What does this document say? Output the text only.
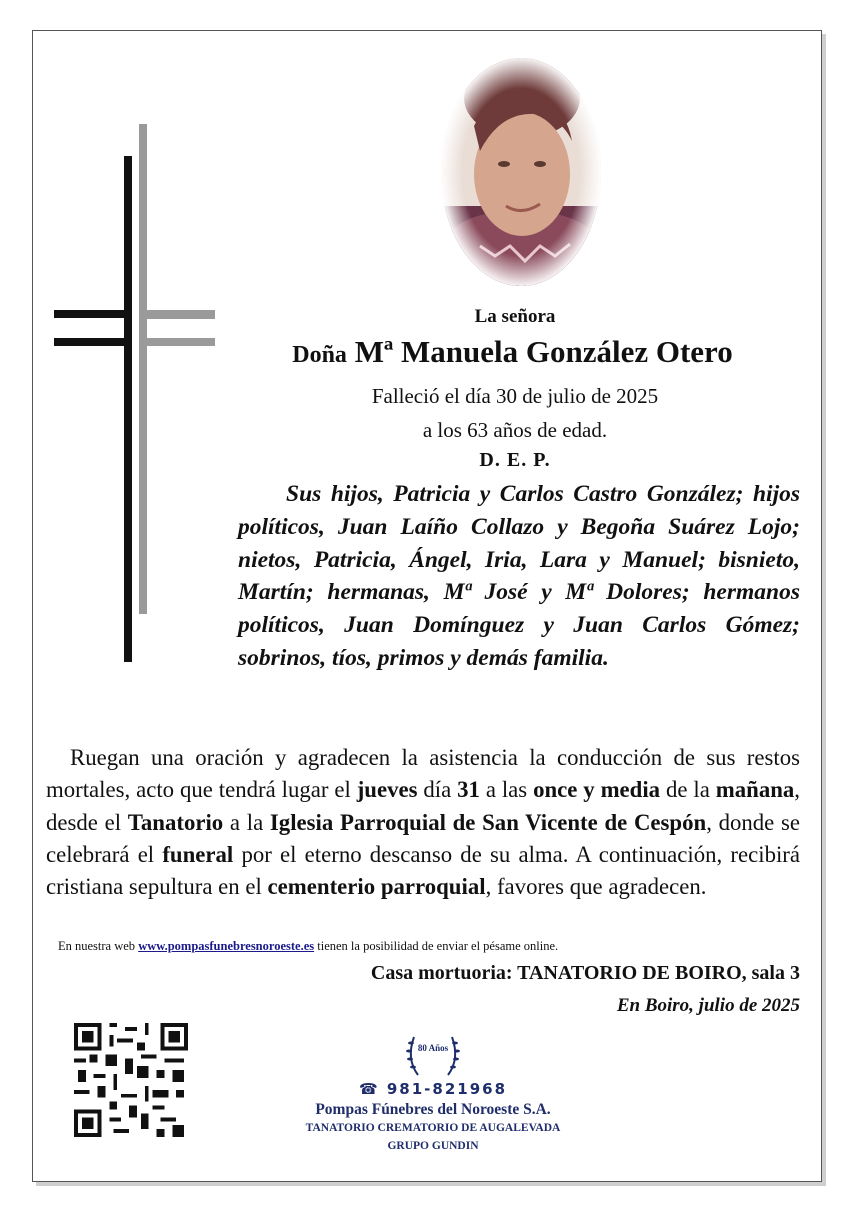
La señora

Doña Mª Manuela González Otero

Falleció el día 30 de julio de 2025

a los 63 años de edad.

D. E. P.

Sus hijos, Patricia y Carlos Castro González; hijos políticos, Juan Laíño Collazo y Begoña Suárez Lojo; nietos, Patricia, Ángel, Iria, Lara y Manuel; bisnieto, Martín; hermanas, Mª José y Mª Dolores; hermanos políticos, Juan Domínguez y Juan Carlos Gómez; sobrinos, tíos, primos y demás familia.

Ruegan una oración y agradecen la asistencia la conducción de sus restos mortales, acto que tendrá lugar el jueves día 31 a las once y media de la mañana, desde el Tanatorio a la Iglesia Parroquial de San Vicente de Cespón, donde se celebrará el funeral por el eterno descanso de su alma. A continuación, recibirá cristiana sepultura en el cementerio parroquial, favores que agradecen.

En nuestra web www.pompasfunebresnoroeste.es tienen la posibilidad de enviar el pésame online.

Casa mortuoria: TANATORIO DE BOIRO, sala 3

En Boiro, julio de 2025

80 Años

☎ 981-821968

Pompas Fúnebres del Noroeste S.A.

TANATORIO CREMATORIO DE AUGALEVADA

GRUPO GUNDIN
